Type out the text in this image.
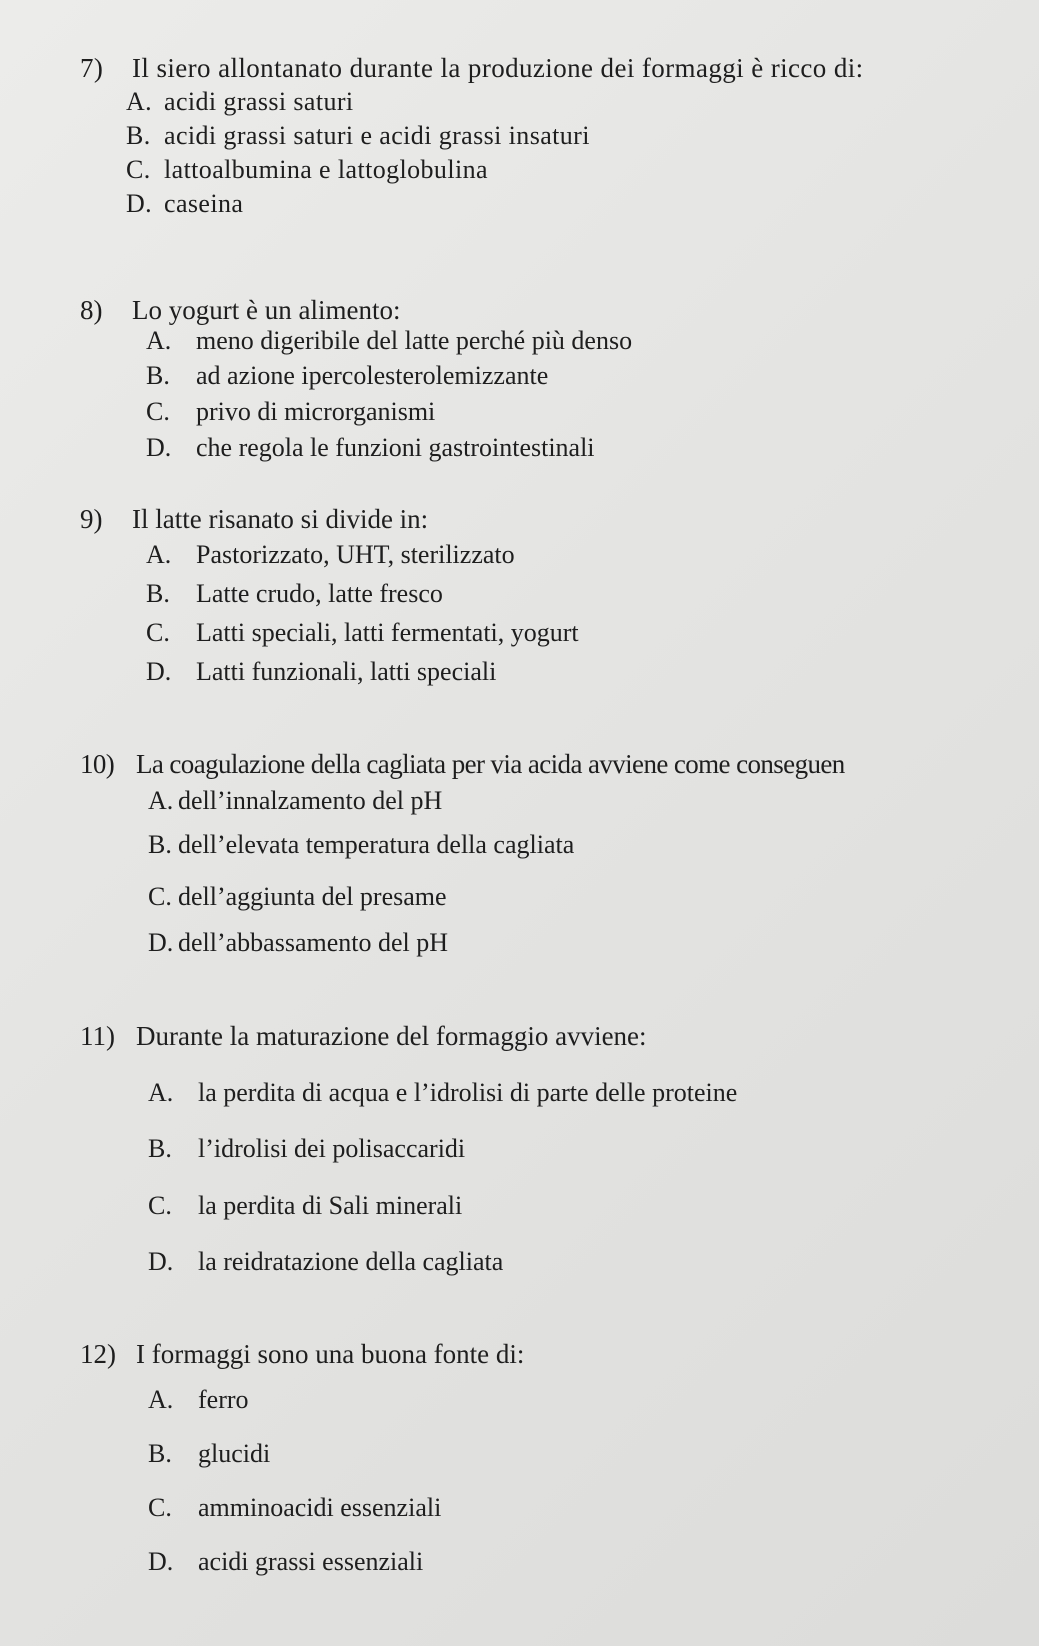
7) Il siero allontanato durante la produzione dei formaggi è ricco di:
A. acidi grassi saturi
B. acidi grassi saturi e acidi grassi insaturi
C. lattoalbumina e lattoglobulina
D. caseina
8) Lo yogurt è un alimento:
A. meno digeribile del latte perché più denso
B. ad azione ipercolesterolemizzante
C. privo di microrganismi
D. che regola le funzioni gastrointestinali
9) Il latte risanato si divide in:
A. Pastorizzato, UHT, sterilizzato
B. Latte crudo, latte fresco
C. Latti speciali, latti fermentati, yogurt
D. Latti funzionali, latti speciali
10) La coagulazione della cagliata per via acida avviene come conseguen
A. dell’innalzamento del pH
B. dell’elevata temperatura della cagliata
C. dell’aggiunta del presame
D. dell’abbassamento del pH
11) Durante la maturazione del formaggio avviene:
A. la perdita di acqua e l’idrolisi di parte delle proteine
B. l’idrolisi dei polisaccaridi
C. la perdita di Sali minerali
D. la reidratazione della cagliata
12) I formaggi sono una buona fonte di:
A. ferro
B. glucidi
C. amminoacidi essenziali
D. acidi grassi essenziali
